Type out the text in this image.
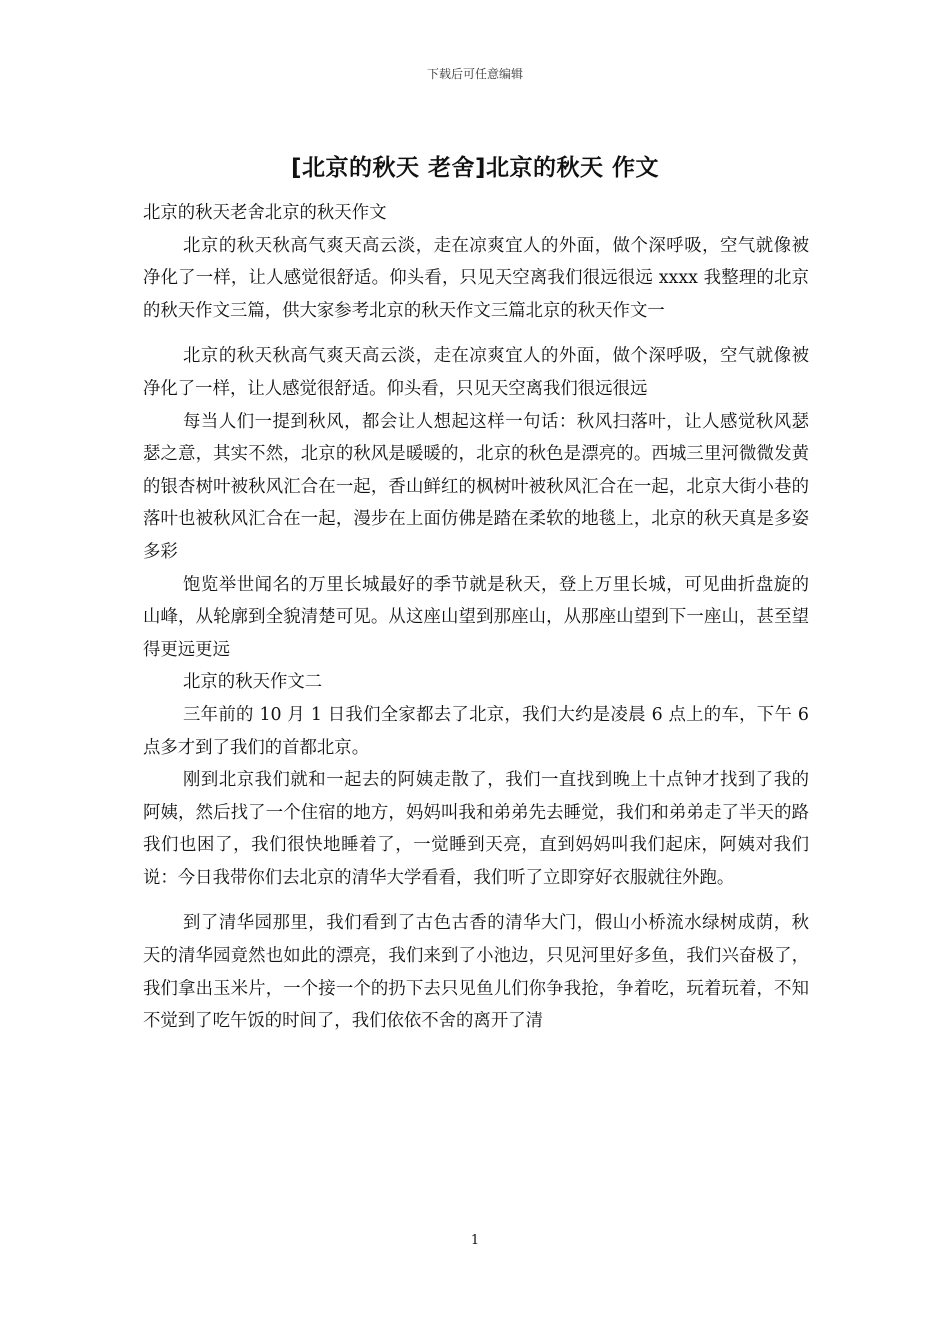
下载后可任意编辑
[北京的秋天 老舍]北京的秋天 作文

北京的秋天老舍北京的秋天作文

北京的秋天秋高气爽天高云淡，走在凉爽宜人的外面，做个深呼吸，空气就像被净化了一样，让人感觉很舒适。仰头看，只见天空离我们很远很远 xxxx 我整理的北京的秋天作文三篇，供大家参考北京的秋天作文三篇北京的秋天作文一

北京的秋天秋高气爽天高云淡，走在凉爽宜人的外面，做个深呼吸，空气就像被净化了一样，让人感觉很舒适。仰头看，只见天空离我们很远很远

每当人们一提到秋风，都会让人想起这样一句话：秋风扫落叶，让人感觉秋风瑟瑟之意，其实不然，北京的秋风是暖暖的，北京的秋色是漂亮的。西城三里河微微发黄的银杏树叶被秋风汇合在一起，香山鲜红的枫树叶被秋风汇合在一起，北京大街小巷的落叶也被秋风汇合在一起，漫步在上面仿佛是踏在柔软的地毯上，北京的秋天真是多姿多彩

饱览举世闻名的万里长城最好的季节就是秋天，登上万里长城，可见曲折盘旋的山峰，从轮廓到全貌清楚可见。从这座山望到那座山，从那座山望到下一座山，甚至望得更远更远

北京的秋天作文二

三年前的 10 月 1 日我们全家都去了北京，我们大约是凌晨 6 点上的车，下午 6 点多才到了我们的首都北京。

刚到北京我们就和一起去的阿姨走散了，我们一直找到晚上十点钟才找到了我的阿姨，然后找了一个住宿的地方，妈妈叫我和弟弟先去睡觉，我们和弟弟走了半天的路我们也困了，我们很快地睡着了，一觉睡到天亮，直到妈妈叫我们起床，阿姨对我们说：今日我带你们去北京的清华大学看看，我们听了立即穿好衣服就往外跑。

到了清华园那里，我们看到了古色古香的清华大门，假山小桥流水绿树成荫，秋天的清华园竟然也如此的漂亮，我们来到了小池边，只见河里好多鱼，我们兴奋极了，我们拿出玉米片，一个接一个的扔下去只见鱼儿们你争我抢，争着吃，玩着玩着，不知不觉到了吃午饭的时间了，我们依依不舍的离开了清

1
